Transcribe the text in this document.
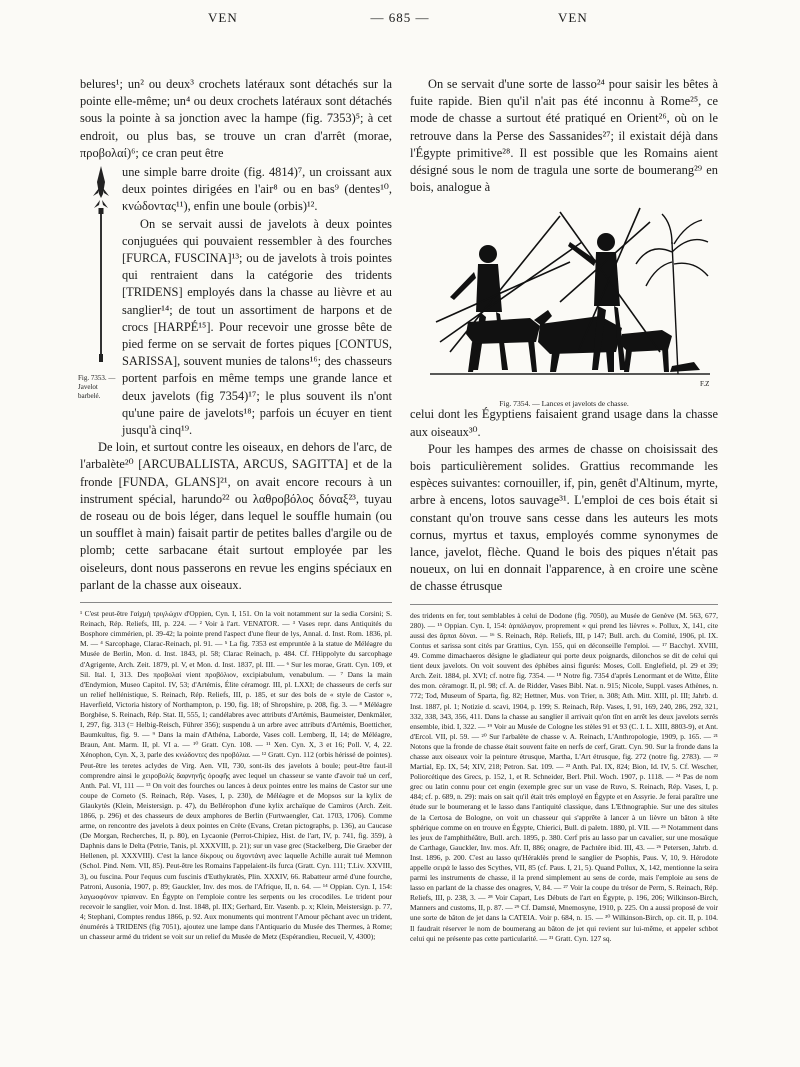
VEN	— 685 —	VEN

belures¹; un² ou deux³ crochets latéraux sont détachés sur la pointe elle-même; un⁴ ou deux crochets latéraux sont détachés sous la pointe à sa jonction avec la hampe (fig. 7353)⁵; à cet endroit, ou plus bas, se trouve un cran d'arrêt (morae, προβολαί)⁶; ce cran peut être

Fig. 7353. — Javelot barbelé.

une simple barre droite (fig. 4814)⁷, un croissant aux deux pointes dirigées en l'air⁸ ou en bas⁹ (dentes¹⁰, κνώδοντας¹¹), enfin une boule (orbis)¹².

On se servait aussi de javelots à deux pointes conjuguées qui pouvaient ressembler à des fourches [FURCA, FUSCINA]¹³; ou de javelots à trois pointes qui rentraient dans la catégorie des tridents [TRIDENS] employés dans la chasse au lièvre et au sanglier¹⁴; de tout un assortiment de harpons et de crocs [HARPÉ¹⁵]. Pour recevoir une grosse bête de pied ferme on se servait de fortes piques [CONTUS, SARISSA], souvent munies de talons¹⁶; des chasseurs portent parfois en même temps une grande lance et deux javelots (fig 7354)¹⁷; le plus souvent ils n'ont qu'une paire de javelots¹⁸; parfois un écuyer en tient jusqu'à cinq¹⁹.

De loin, et surtout contre les oiseaux, en dehors de l'arc, de l'arbalète²⁰ [ARCUBALLISTA, ARCUS, SAGITTA] et de la fronde [FUNDA, GLANS]²¹, on avait encore recours à un instrument spécial, harundo²² ou λαθροβόλος δόναξ²³, tuyau de roseau ou de bois léger, dans lequel le souffle humain (ou un soufflet à main) faisait partir de petites balles d'argile ou de plomb; cette sarbacane était surtout employée par les oiseleurs, dont nous passerons en revue les engins spéciaux en parlant de la chasse aux oiseaux.

¹ C'est peut-être l'αἰχμὴ τριγλώχιν d'Oppien, Cyn. I, 151. On la voit notamment sur la sedia Corsini; S. Reinach, Rép. Reliefs, III, p. 224. — ² Voir à l'art. VENATOR. — ³ Vases repr. dans Antiquités du Bosphore cimmérien, pl. 39-42; la pointe prend l'aspect d'une fleur de lys, Annal. d. Inst. Rom. 1836, pl. M. — ⁴ Sarcophage, Clarac-Reinach, pl. 91. — ⁵ La fig. 7353 est empruntée à la statue de Méléagre du Musée de Berlin, Mon. d. Inst. 1843, pl. 58; Clarac Reinach, p. 484. Cf. l'Hippolyte du sarcophage d'Agrigente, Arch. Zeit. 1879, pl. V, et Mon. d. Inst. 1837, pl. III. — ⁶ Sur les morae, Gratt. Cyn. 109, et Sil. Ital. I, 313. Des προβολαί vient προβόλιον, excipiabulum, venabulum. — ⁷ Dans la main d'Endymion, Museo Capitol. IV, 53; d'Artémis, Élite céramogr. III, pl. LXXI; de chasseurs de cerfs sur un relief hellénistique, S. Reinach, Rép. Reliefs, III, p. 185, et sur des bols de « style de Castor », Haverfield, Victoria history of Northampton, p. 190, fig. 18; of Shropshire, p. 208, fig. 3. — ⁸ Méléagre Borghèse, S. Reinach, Rép. Stat. II, 555, 1; candélabres avec attributs d'Artémis, Baumeister, Denkmäler, I, 297, fig. 313 (= Helbig-Reisch, Führer 356); suspendu à un arbre avec attributs d'Artémis, Boetticher, Baumkultus, fig. 9. — ⁹ Dans la main d'Athéna, Laborde, Vases coll. Lemberg, II, 14; de Méléagre, Braun, Ant. Marm. II, pl. VI a. — ¹⁰ Gratt. Cyn. 108. — ¹¹ Xen. Cyn. X, 3 et 16; Poll. V, 4, 22. Xénophon, Cyn. X, 3, parle des κνώδοντες des προβόλια. — ¹² Gratt. Cyn. 112 (orbis hérissé de pointes). Peut-être les teretes aclydes de Virg. Aen. VII, 730, sont-ils des javelots à boule; peut-être faut-il comprendre ainsi le χειροβολίς δαφνηνῆς ὀροφῆς avec lequel un chasseur se vante d'avoir tué un cerf, Anth. Pal. VI, 111 — ¹³ On voit des fourches ou lances à deux pointes entre les mains de Castor sur une coupe de Corneto (S. Reinach, Rép. Vases, I, p. 230), de Méléagre et de Mopsos sur la kylix de Glaukytès (Klein, Meistersign. p. 47), du Bellérophon d'une kylix archaïque de Camiros (Arch. Zeit. 1866, p. 296) et des chasseurs de deux amphores de Berlin (Furtwaengler, Cat. 1703, 1706). Comme arme, on rencontre des javelots à deux pointes en Crète (Evans, Cretan pictographs, p. 136), au Caucase (De Morgan, Recherches, II, p. 80), en Lycaonie (Perrot-Chipiez, Hist. de l'art, IV, p. 741, fig. 359), à Daphnis dans le Delta (Petrie, Tanis, pl. XXXVIII, p. 21); sur un vase grec (Stackelberg, Die Graeber der Hellenen, pl. XXXVIII). C'est la lance δίκρους ou διχοντάνη avec laquelle Achille aurait tué Memnon (Schol. Pind. Nem. VII, 85). Peut-être les Romains l'appelaient-ils furca (Gratt. Cyn. 111; T.Liv. XXVIII, 3), ou fuscina. Pour l'equus cum fuscinis d'Euthykratès, Plin. XXXIV, 66. Rabatteur armé d'une fourche, Patroni, Ausonia, 1907, p. 89; Gauckler, Inv. des mos. de l'Afrique, II, n. 64. — ¹⁴ Oppian. Cyn. I, 154: λαγωοφόνον τρίαιναν. En Égypte on l'emploie contre les serpents ou les crocodiles. Le trident pour recevoir le sanglier, voir Mon. d. Inst. 1848, pl. IIX; Gerhard, Etr. Vasenb. p. x; Klein, Meistersign. p. 77, 4; Stephani, Comptes rendus 1866, p. 92. Aux monuments qui montrent l'Amour pêchant avec un trident, énumérés à TRIDENS (fig 7051), ajoutez une lampe dans l'Antiquario du Musée des Thermes, à Rome; un chasseur armé du trident se voit sur un relief du Musée de Metz (Espérandieu, Recueil, V, 4300);

On se servait d'une sorte de lasso²⁴ pour saisir les bêtes à fuite rapide. Bien qu'il n'ait pas été inconnu à Rome²⁵, ce mode de chasse a surtout été pratiqué en Orient²⁶, où on le retrouve dans la Perse des Sassanides²⁷; il existait déjà dans l'Égypte primitive²⁸. Il est possible que les Romains aient désigné sous le nom de tragula une sorte de boumerang²⁹ en bois, analogue à

F.Z
Fig. 7354. — Lances et javelots de chasse.

celui dont les Égyptiens faisaient grand usage dans la chasse aux oiseaux³⁰.

Pour les hampes des armes de chasse on choisissait des bois particulièrement solides. Grattius recommande les espèces suivantes: cornouiller, if, pin, genêt d'Altinum, myrte, arbre à encens, lotos sauvage³¹. L'emploi de ces bois était si constant qu'on trouve sans cesse dans les auteurs les mots cornus, myrtus et taxus, employés comme synonymes de lance, javelot, flèche. Quand le bois des piques n'était pas noueux, on lui en donnait l'apparence, à en croire une scène de chasse étrusque

des tridents en fer, tout semblables à celui de Dodone (fig. 7050), au Musée de Genève (M. 563, 677, 280). — ¹⁵ Oppian. Cyn. I, 154: ἁρπάλαγον, proprement « qui prend les lièvres ». Pollux, X, 141, cite aussi des ἄρπαι δὸναι. — ¹⁶ S. Reinach, Rép. Reliefs, III, p 147; Bull. arch. du Comité, 1906, pl. IX. Contus et sarissa sont cités par Grattius, Cyn. 155, qui en déconseille l'emploi. — ¹⁷ Bacchyl. XVIII, 49. Comme dimachaeros désigne le gladiateur qui porte deux poignards, dilonchos se dit de celui qui tient deux javelots. On voit souvent des éphèbes ainsi figurés: Moses, Coll. Englefield, pl. 29 et 39; Arch. Zeit. 1884, pl. XVI; cf. notre fig. 7354. — ¹⁸ Notre fig. 7354 d'après Lenormant et de Witte, Élite des mon. céramogr. II, pl. 98; cf. A. de Ridder, Vases Bibl. Nat. n. 915; Nicole, Suppl. vases Athènes, n. 772; Tod, Museum of Sparta, fig. 82; Hettner, Mus. von Trier, n. 308; Ath. Mitt. XIII, pl. III; Jahrb. d. Inst. 1887, pl. 1; Notizie d. scavi, 1904, p. 199; S. Reinach, Rép. Vases, I, 91, 169, 240, 286, 292, 321, 332, 338, 343, 356, 411. Dans la chasse au sanglier il arrivait qu'on tînt en arrêt les deux javelots serrés ensemble, ibid. I, 322. — ¹⁹ Voir au Musée de Cologne les stèles 91 et 93 (C. I. L. XIII, 8803-9), et Ant. d'Ercol. VII, pl. 59. — ²⁰ Sur l'arbalète de chasse v. A. Reinach, L'Anthropologie, 1909, p. 165. — ²¹ Notons que la fronde de chasse était souvent faite en nerfs de cerf, Gratt. Cyn. 90. Sur la fronde dans la chasse aux oiseaux voir la peinture étrusque, Martha, L'Art étrusque, fig. 272 (notre fig. 2783). — ²² Martial, Ep. IX, 54; XIV, 218; Petron. Sat. 109. — ²³ Anth. Pal. IX, 824; Bion, Id. IV, 5. Cf. Wescher, Poliorcétique des Grecs, p. 152, 1, et R. Schneider, Berl. Phil. Woch. 1907, p. 1118. — ²⁴ Pas de nom grec ou latin connu pour cet engin (exemple grec sur un vase de Ruvo, S. Reinach, Rép. Vases, I, p. 484; cf. p. 689, n. 29): mais on sait qu'il était très employé en Égypte et en Assyrie. Je ferai paraître une étude sur le boumerang et le lasso dans l'antiquité classique, dans L'Ethnographie. Sur une des situles de la Certosa de Bologne, on voit un chasseur qui s'apprête à lancer à un lièvre un bâton à tête sphérique comme on en trouve en Égypte, Chierici, Bull. di paletn. 1880, pl. VII. — ²⁵ Notamment dans les jeux de l'amphithéâtre, Bull. arch. 1895, p. 380. Cerf pris au lasso par un cavalier, sur une mosaïque de Carthage, Gauckler, Inv. mos. Afr. II, 886; onagre, de Pachtère ibid. III, 43. — ²⁶ Petersen, Jahrb. d. Inst. 1896, p. 200. C'est au lasso qu'Héraklès prend le sanglier de Psophis, Paus. V, 10, 9. Hérodote appelle σειρά le lasso des Scythes, VII, 85 (cf. Paus. I, 21, 5). Quand Pollux, X, 142, mentionne la seira parmi les instruments de chasse, il la prend simplement au sens de corde, mais l'emploie au sens de lasso en parlant de la chasse des onagres, V, 84. — ²⁷ Voir la coupe du trésor de Perm, S. Reinach, Rép. Reliefs, III, p. 238, 3. — ²⁸ Voir Capart, Les Débuts de l'art en Égypte, p. 196, 206; Wilkinson-Birch, Manners and customs, II, p. 87. — ²⁹ Cf. Damsté, Mnemosyne, 1910, p. 225. On a aussi proposé de voir une sorte de bâton de jet dans la CATEIA. Voir p. 684, n. 15. — ³⁰ Wilkinson-Birch, op. cit. II, p. 104. Il faudrait réserver le nom de boumerang au bâton de jet qui revient sur lui-même, et appeler schbot celui qui ne présente pas cette particularité. — ³¹ Gratt. Cyn. 127 sq.
